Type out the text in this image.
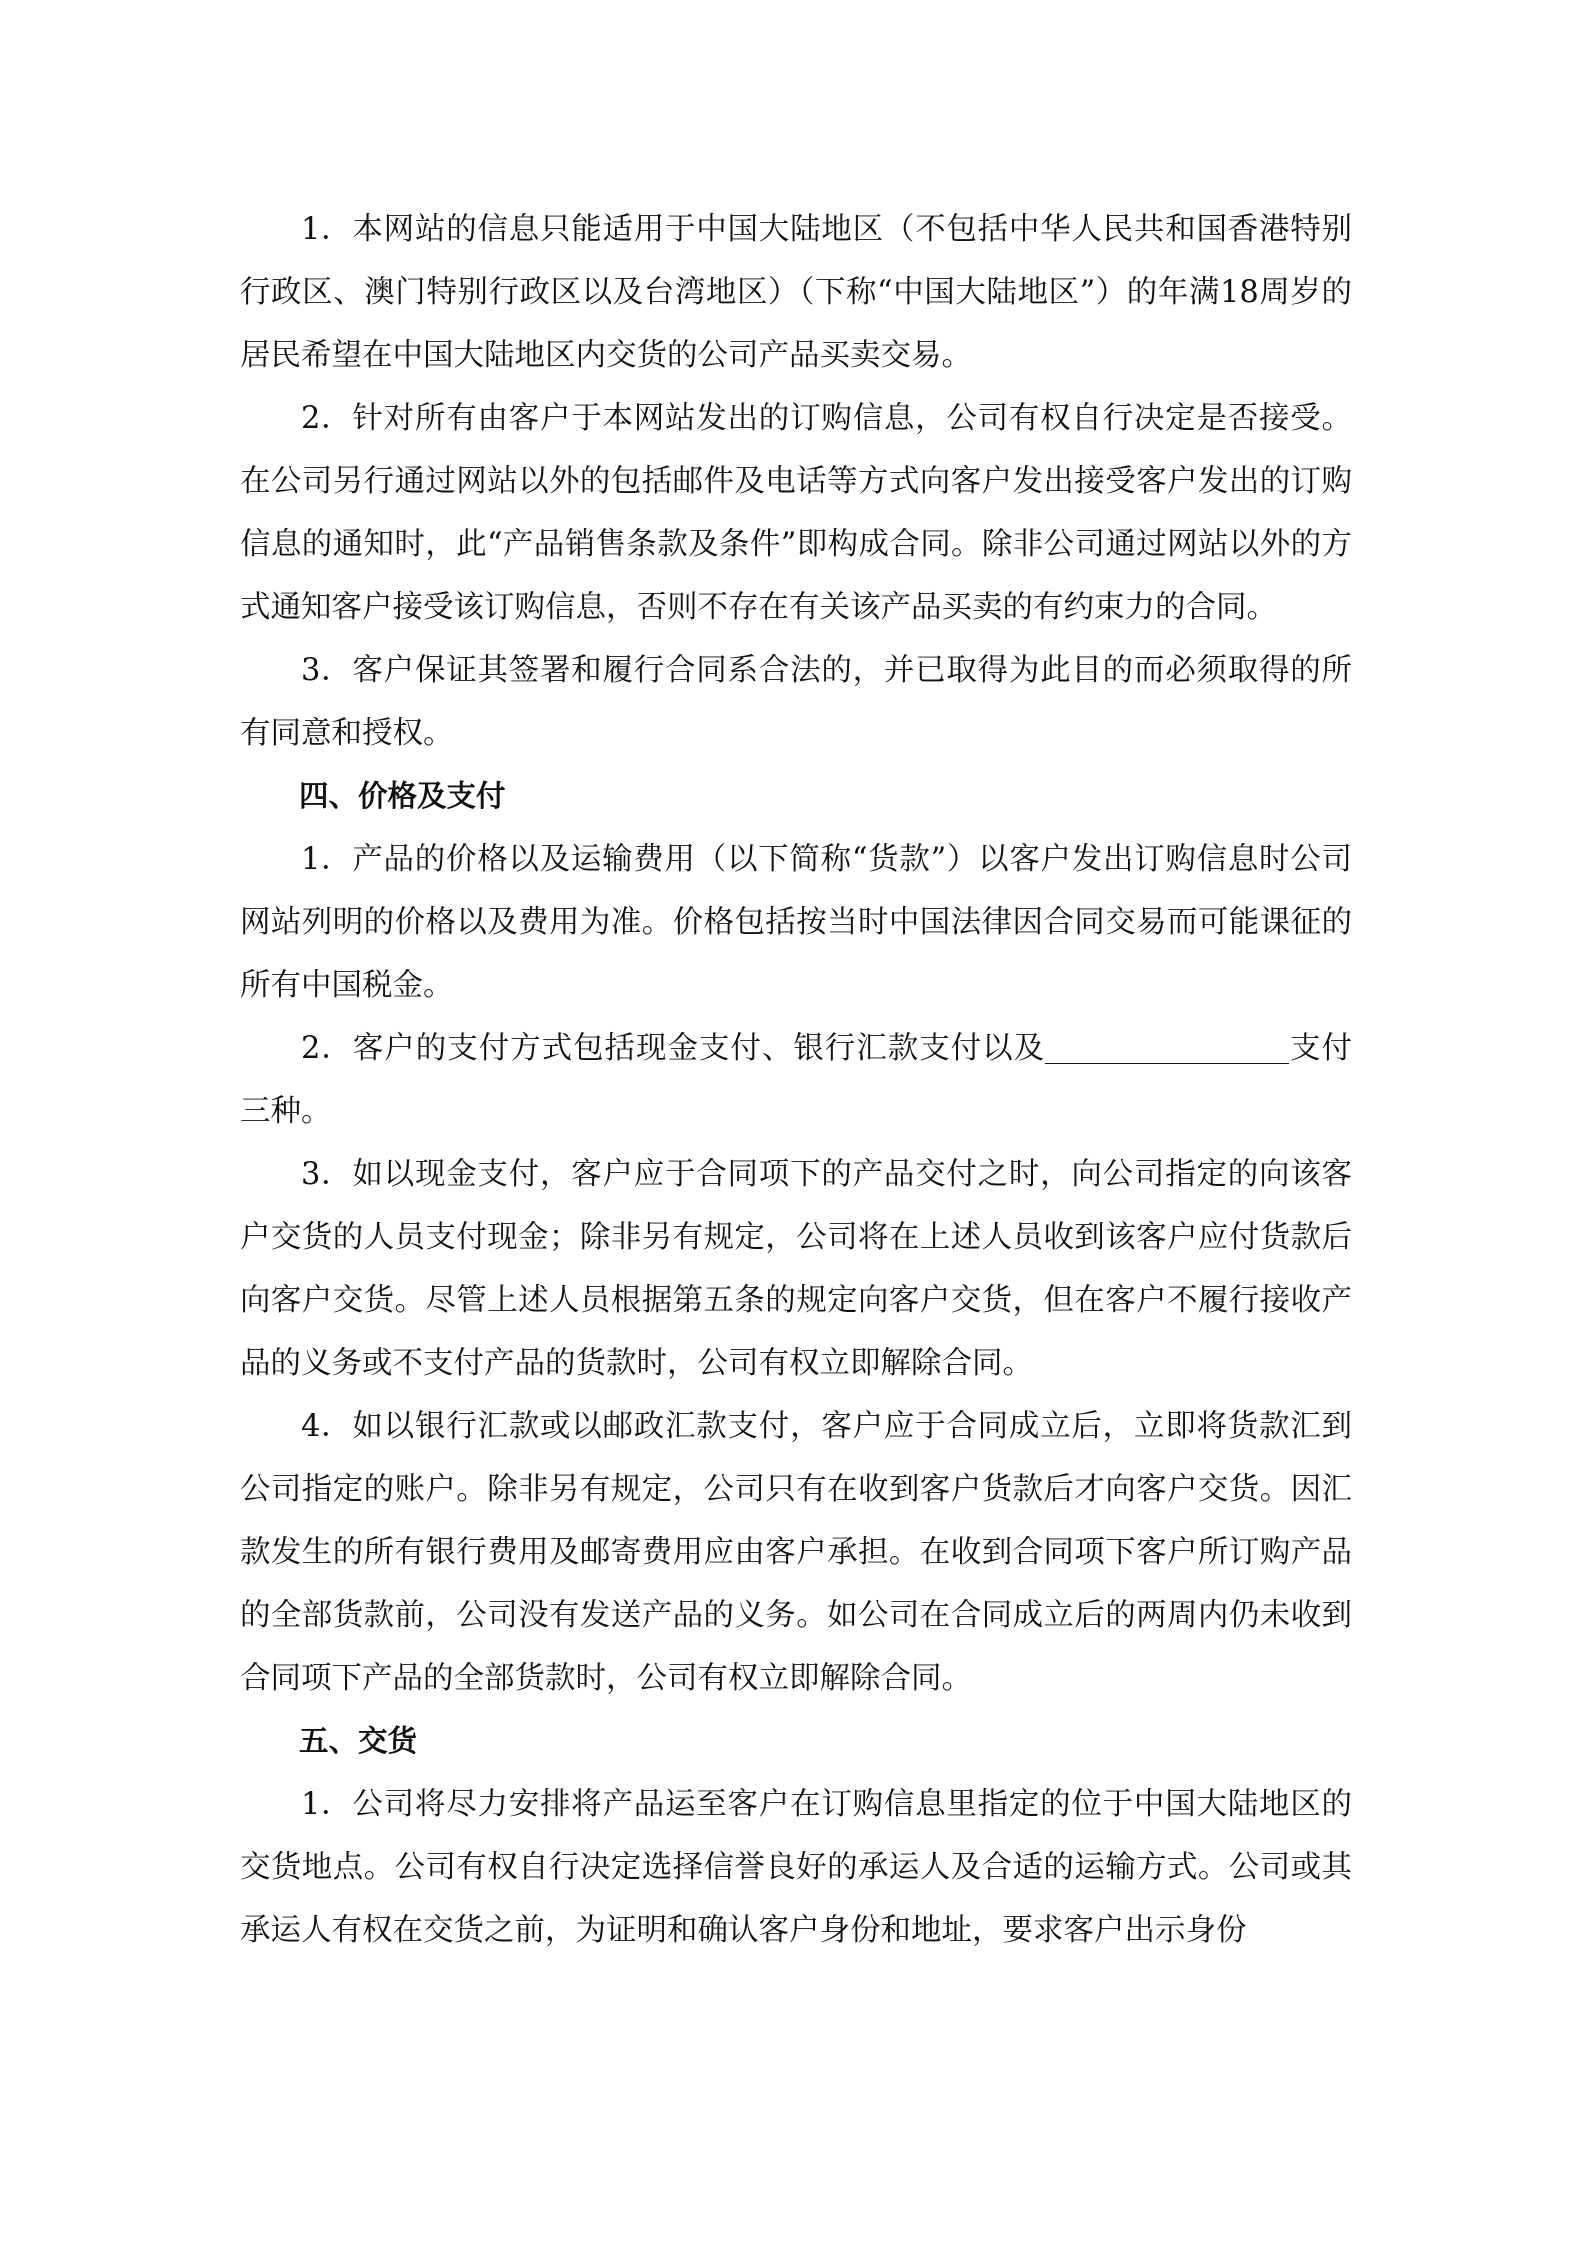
1．本网站的信息只能适用于中国大陆地区（不包括中华人民共和国香港特别行政区、澳门特别行政区以及台湾地区）（下称“中国大陆地区”）的年满18周岁的居民希望在中国大陆地区内交货的公司产品买卖交易。

2．针对所有由客户于本网站发出的订购信息，公司有权自行决定是否接受。在公司另行通过网站以外的包括邮件及电话等方式向客户发出接受客户发出的订购信息的通知时，此“产品销售条款及条件”即构成合同。除非公司通过网站以外的方式通知客户接受该订购信息，否则不存在有关该产品买卖的有约束力的合同。

3．客户保证其签署和履行合同系合法的，并已取得为此目的而必须取得的所有同意和授权。

四、价格及支付

1．产品的价格以及运输费用（以下简称“货款”）以客户发出订购信息时公司网站列明的价格以及费用为准。价格包括按当时中国法律因合同交易而可能课征的所有中国税金。

2．客户的支付方式包括现金支付、银行汇款支付以及	支付三种。

3．如以现金支付，客户应于合同项下的产品交付之时，向公司指定的向该客户交货的人员支付现金；除非另有规定，公司将在上述人员收到该客户应付货款后向客户交货。尽管上述人员根据第五条的规定向客户交货，但在客户不履行接收产品的义务或不支付产品的货款时，公司有权立即解除合同。

4．如以银行汇款或以邮政汇款支付，客户应于合同成立后，立即将货款汇到公司指定的账户。除非另有规定，公司只有在收到客户货款后才向客户交货。因汇款发生的所有银行费用及邮寄费用应由客户承担。在收到合同项下客户所订购产品的全部货款前，公司没有发送产品的义务。如公司在合同成立后的两周内仍未收到合同项下产品的全部货款时，公司有权立即解除合同。

五、交货

1．公司将尽力安排将产品运至客户在订购信息里指定的位于中国大陆地区的交货地点。公司有权自行决定选择信誉良好的承运人及合适的运输方式。公司或其承运人有权在交货之前，为证明和确认客户身份和地址，要求客户出示身份
